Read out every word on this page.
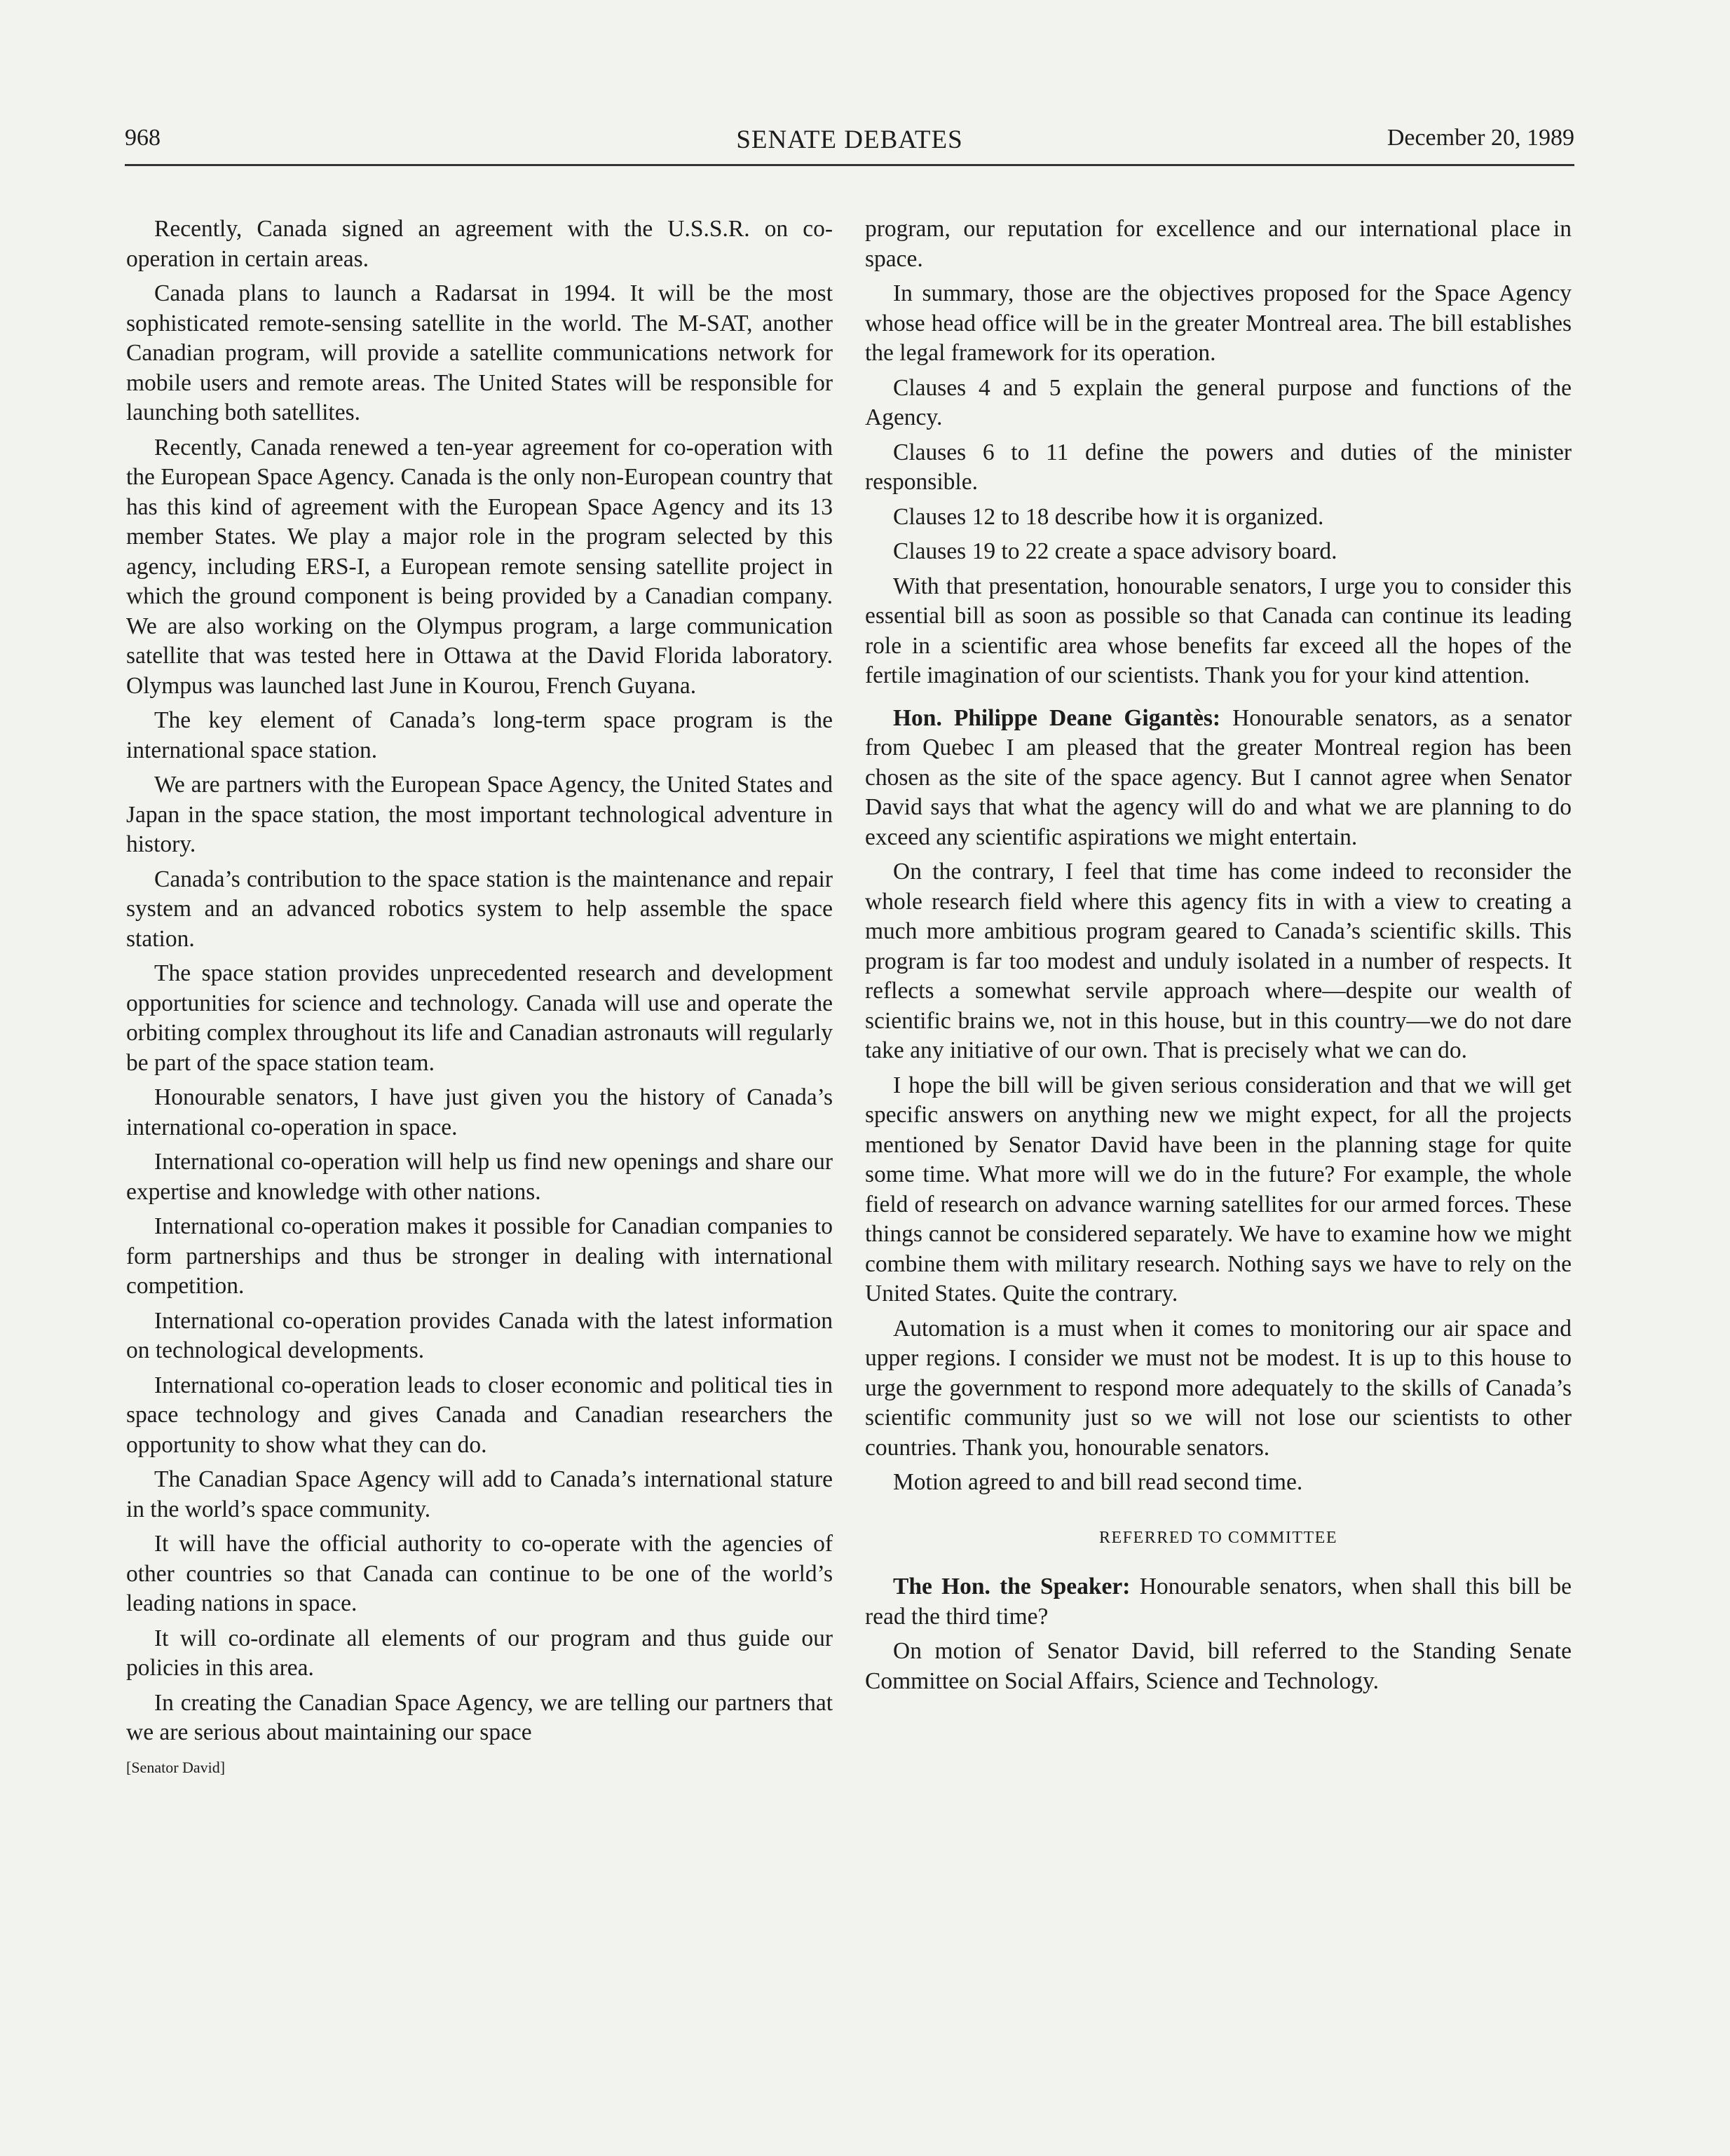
968	SENATE DEBATES	December 20, 1989

Recently, Canada signed an agreement with the U.S.S.R. on co-operation in certain areas.

Canada plans to launch a Radarsat in 1994. It will be the most sophisticated remote-sensing satellite in the world. The M-SAT, another Canadian program, will provide a satellite communications network for mobile users and remote areas. The United States will be responsible for launching both satellites.

Recently, Canada renewed a ten-year agreement for co-operation with the European Space Agency. Canada is the only non-European country that has this kind of agreement with the European Space Agency and its 13 member States. We play a major role in the program selected by this agency, including ERS-I, a European remote sensing satellite project in which the ground component is being provided by a Canadian company. We are also working on the Olympus program, a large communication satellite that was tested here in Ottawa at the David Florida laboratory. Olympus was launched last June in Kourou, French Guyana.

The key element of Canada’s long-term space program is the international space station.

We are partners with the European Space Agency, the United States and Japan in the space station, the most important technological adventure in history.

Canada’s contribution to the space station is the maintenance and repair system and an advanced robotics system to help assemble the space station.

The space station provides unprecedented research and development opportunities for science and technology. Canada will use and operate the orbiting complex throughout its life and Canadian astronauts will regularly be part of the space station team.

Honourable senators, I have just given you the history of Canada’s international co-operation in space.

International co-operation will help us find new openings and share our expertise and knowledge with other nations.

International co-operation makes it possible for Canadian companies to form partnerships and thus be stronger in dealing with international competition.

International co-operation provides Canada with the latest information on technological developments.

International co-operation leads to closer economic and political ties in space technology and gives Canada and Canadian researchers the opportunity to show what they can do.

The Canadian Space Agency will add to Canada’s international stature in the world’s space community.

It will have the official authority to co-operate with the agencies of other countries so that Canada can continue to be one of the world’s leading nations in space.

It will co-ordinate all elements of our program and thus guide our policies in this area.

In creating the Canadian Space Agency, we are telling our partners that we are serious about maintaining our space

[Senator David]

program, our reputation for excellence and our international place in space.

In summary, those are the objectives proposed for the Space Agency whose head office will be in the greater Montreal area. The bill establishes the legal framework for its operation.

Clauses 4 and 5 explain the general purpose and functions of the Agency.

Clauses 6 to 11 define the powers and duties of the minister responsible.

Clauses 12 to 18 describe how it is organized.

Clauses 19 to 22 create a space advisory board.

With that presentation, honourable senators, I urge you to consider this essential bill as soon as possible so that Canada can continue its leading role in a scientific area whose benefits far exceed all the hopes of the fertile imagination of our scientists. Thank you for your kind attention.

Hon. Philippe Deane Gigantès: Honourable senators, as a senator from Quebec I am pleased that the greater Montreal region has been chosen as the site of the space agency. But I cannot agree when Senator David says that what the agency will do and what we are planning to do exceed any scientific aspirations we might entertain.

On the contrary, I feel that time has come indeed to reconsider the whole research field where this agency fits in with a view to creating a much more ambitious program geared to Canada’s scientific skills. This program is far too modest and unduly isolated in a number of respects. It reflects a somewhat servile approach where—despite our wealth of scientific brains we, not in this house, but in this country—we do not dare take any initiative of our own. That is precisely what we can do.

I hope the bill will be given serious consideration and that we will get specific answers on anything new we might expect, for all the projects mentioned by Senator David have been in the planning stage for quite some time. What more will we do in the future? For example, the whole field of research on advance warning satellites for our armed forces. These things cannot be considered separately. We have to examine how we might combine them with military research. Nothing says we have to rely on the United States. Quite the contrary.

Automation is a must when it comes to monitoring our air space and upper regions. I consider we must not be modest. It is up to this house to urge the government to respond more adequately to the skills of Canada’s scientific community just so we will not lose our scientists to other countries. Thank you, honourable senators.

Motion agreed to and bill read second time.

REFERRED TO COMMITTEE

The Hon. the Speaker: Honourable senators, when shall this bill be read the third time?

On motion of Senator David, bill referred to the Standing Senate Committee on Social Affairs, Science and Technology.
